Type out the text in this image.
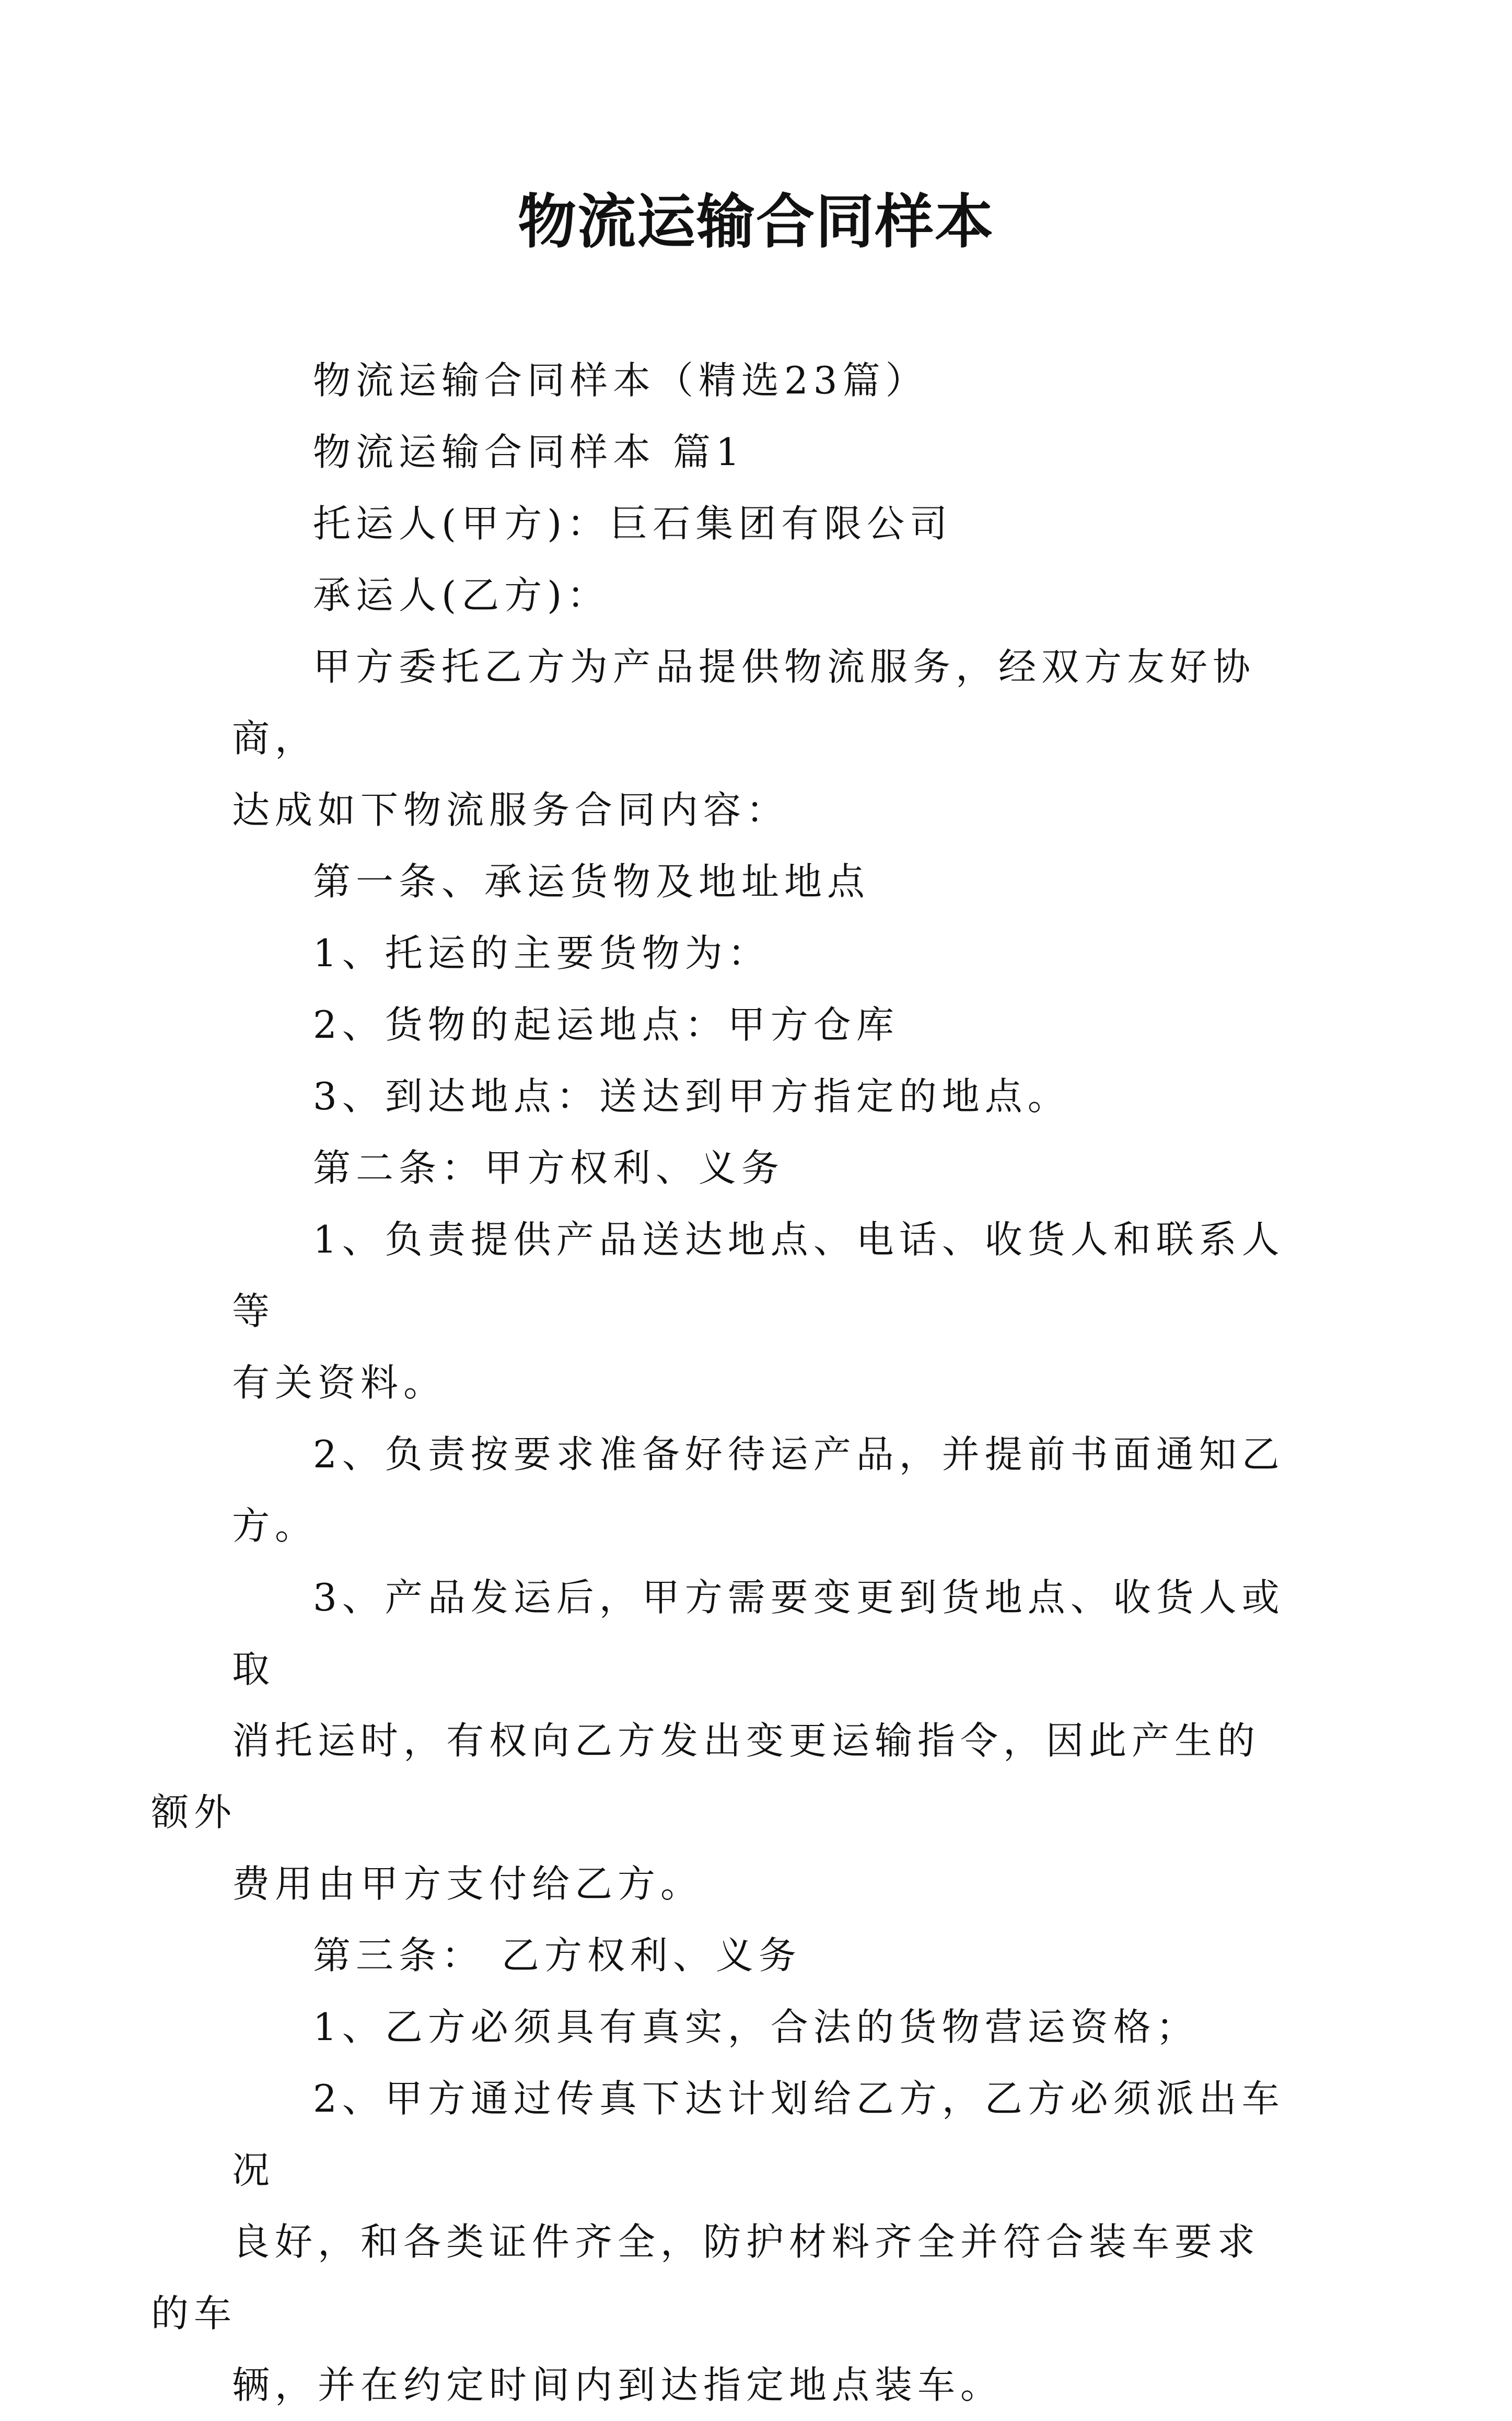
物流运输合同样本

物流运输合同样本（精选23篇）

物流运输合同样本 篇1

托运人(甲方)：巨石集团有限公司

承运人(乙方)：

甲方委托乙方为产品提供物流服务，经双方友好协商，
达成如下物流服务合同内容：

第一条、承运货物及地址地点

1、托运的主要货物为：

2、货物的起运地点：甲方仓库

3、到达地点：送达到甲方指定的地点。

第二条：甲方权利、义务

1、负责提供产品送达地点、电话、收货人和联系人等
有关资料。

2、负责按要求准备好待运产品，并提前书面通知乙方。

3、产品发运后，甲方需要变更到货地点、收货人或取
消托运时，有权向乙方发出变更运输指令，因此产生的额外
费用由甲方支付给乙方。

第三条： 乙方权利、义务

1、乙方必须具有真实，合法的货物营运资格；

2、甲方通过传真下达计划给乙方，乙方必须派出车况
良好，和各类证件齐全，防护材料齐全并符合装车要求的车
辆，并在约定时间内到达指定地点装车。
